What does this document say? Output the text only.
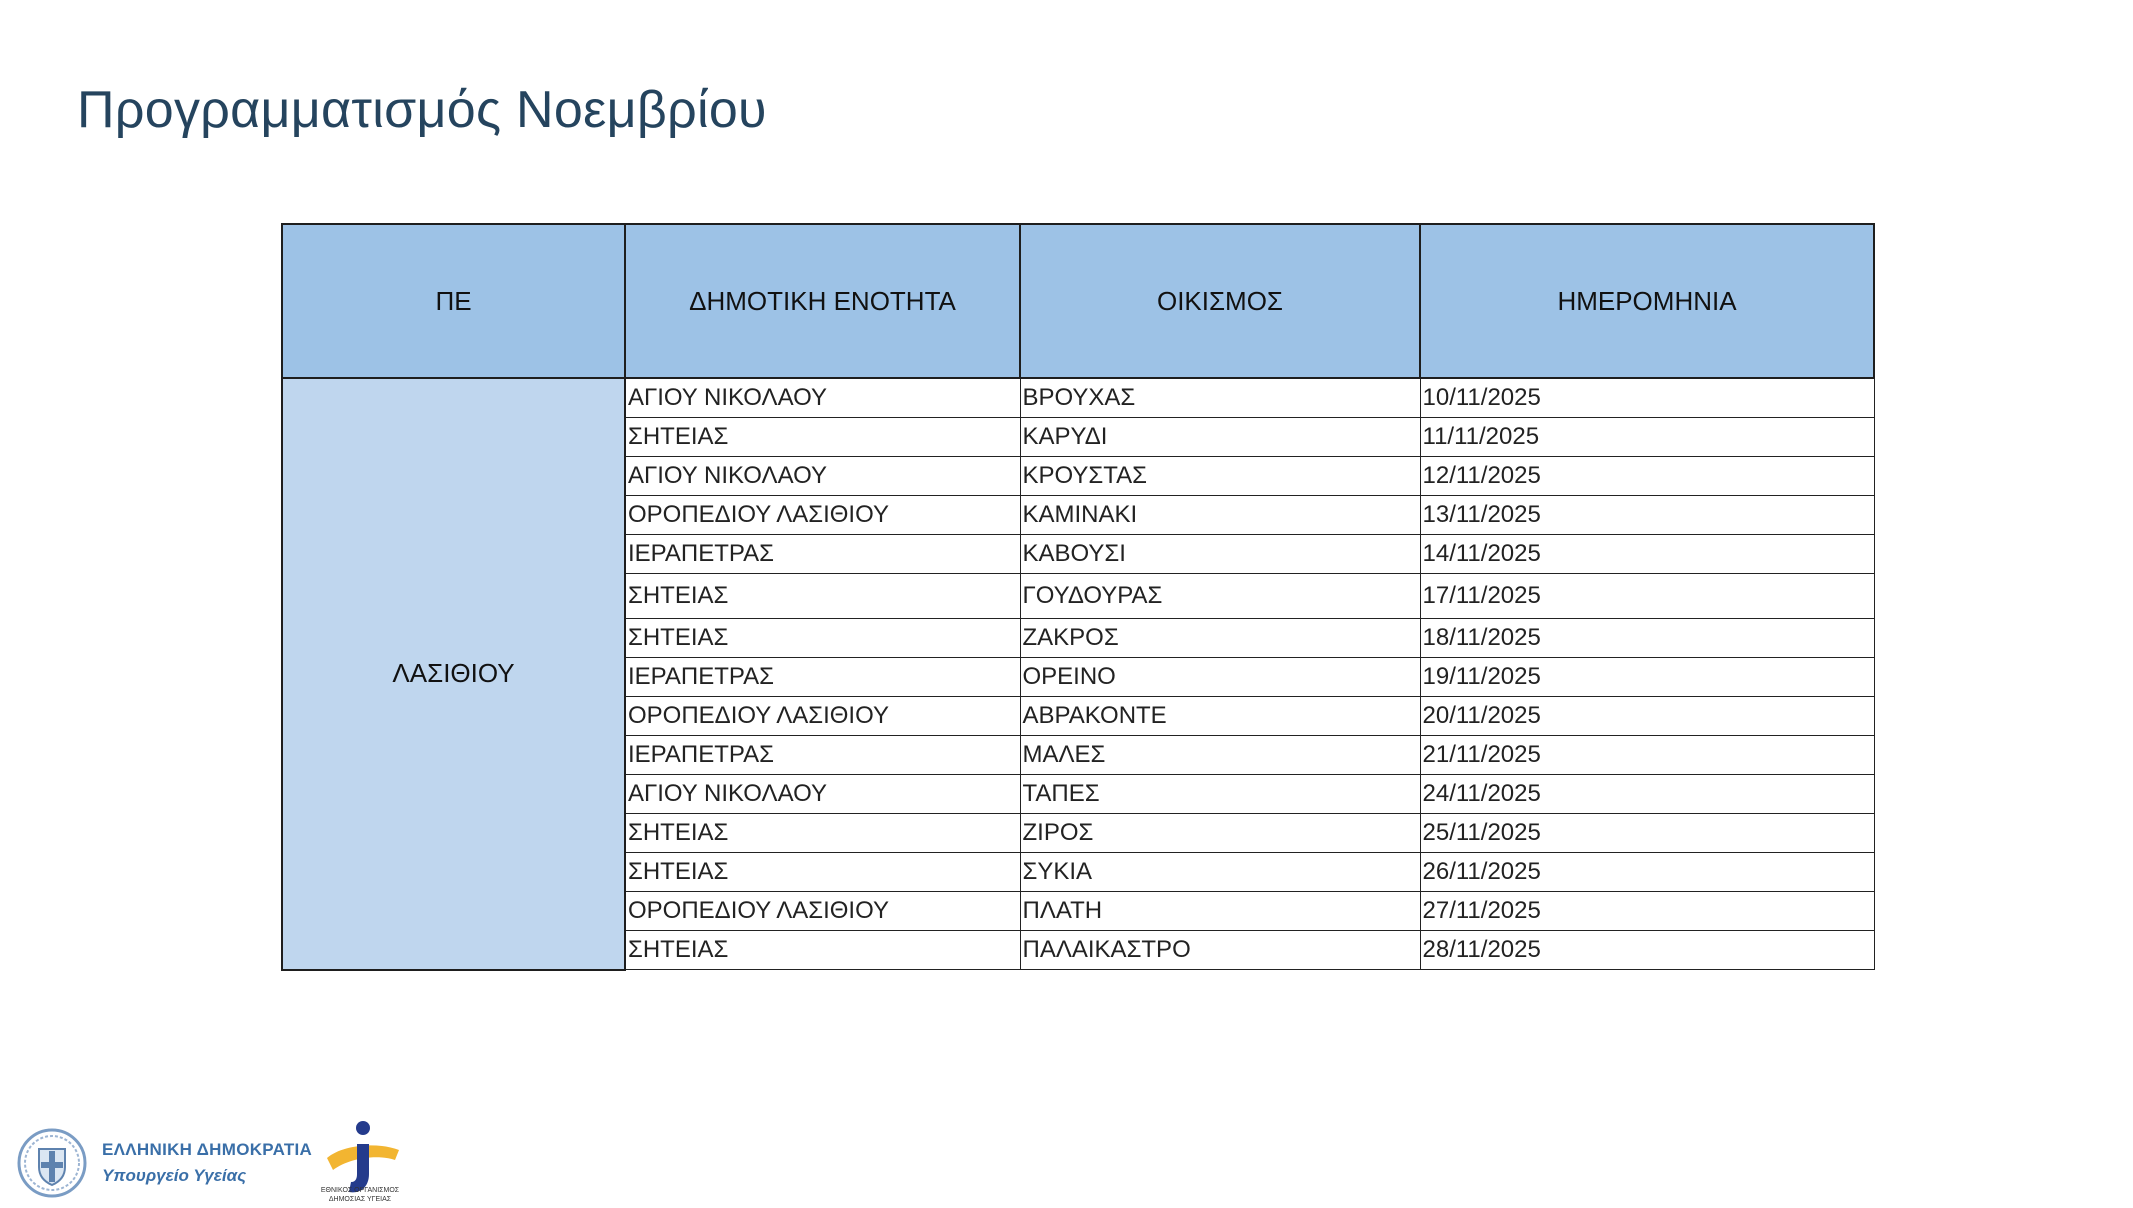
Προγραμματισμός Νοεμβρίου
ΠΕ	ΔΗΜΟΤΙΚΗ ΕΝΟΤΗΤΑ	ΟΙΚΙΣΜΟΣ	ΗΜΕΡΟΜΗΝΙΑ
ΛΑΣΙΘΙΟΥ	ΑΓΙΟΥ ΝΙΚΟΛΑΟΥ	ΒΡΟΥΧΑΣ	10/11/2025
	ΣΗΤΕΙΑΣ	ΚΑΡΥΔΙ	11/11/2025
	ΑΓΙΟΥ ΝΙΚΟΛΑΟΥ	ΚΡΟΥΣΤΑΣ	12/11/2025
	ΟΡΟΠΕΔΙΟΥ ΛΑΣΙΘΙΟΥ	ΚΑΜΙΝΑΚΙ	13/11/2025
	ΙΕΡΑΠΕΤΡΑΣ	ΚΑΒΟΥΣΙ	14/11/2025
	ΣΗΤΕΙΑΣ	ΓΟΥΔΟΥΡΑΣ	17/11/2025
	ΣΗΤΕΙΑΣ	ΖΑΚΡΟΣ	18/11/2025
	ΙΕΡΑΠΕΤΡΑΣ	ΟΡΕΙΝΟ	19/11/2025
	ΟΡΟΠΕΔΙΟΥ ΛΑΣΙΘΙΟΥ	ΑΒΡΑΚΟΝΤΕ	20/11/2025
	ΙΕΡΑΠΕΤΡΑΣ	ΜΑΛΕΣ	21/11/2025
	ΑΓΙΟΥ ΝΙΚΟΛΑΟΥ	ΤΑΠΕΣ	24/11/2025
	ΣΗΤΕΙΑΣ	ΖΙΡΟΣ	25/11/2025
	ΣΗΤΕΙΑΣ	ΣΥΚΙΑ	26/11/2025
	ΟΡΟΠΕΔΙΟΥ ΛΑΣΙΘΙΟΥ	ΠΛΑΤΗ	27/11/2025
	ΣΗΤΕΙΑΣ	ΠΑΛΑΙΚΑΣΤΡΟ	28/11/2025
ΕΛΛΗΝΙΚΗ ΔΗΜΟΚΡΑΤΙΑ
Υπουργείο Υγείας
ΕΘΝΙΚΟΣ ΟΡΓΑΝΙΣΜΟΣ ΔΗΜΟΣΙΑΣ ΥΓΕΙΑΣ
